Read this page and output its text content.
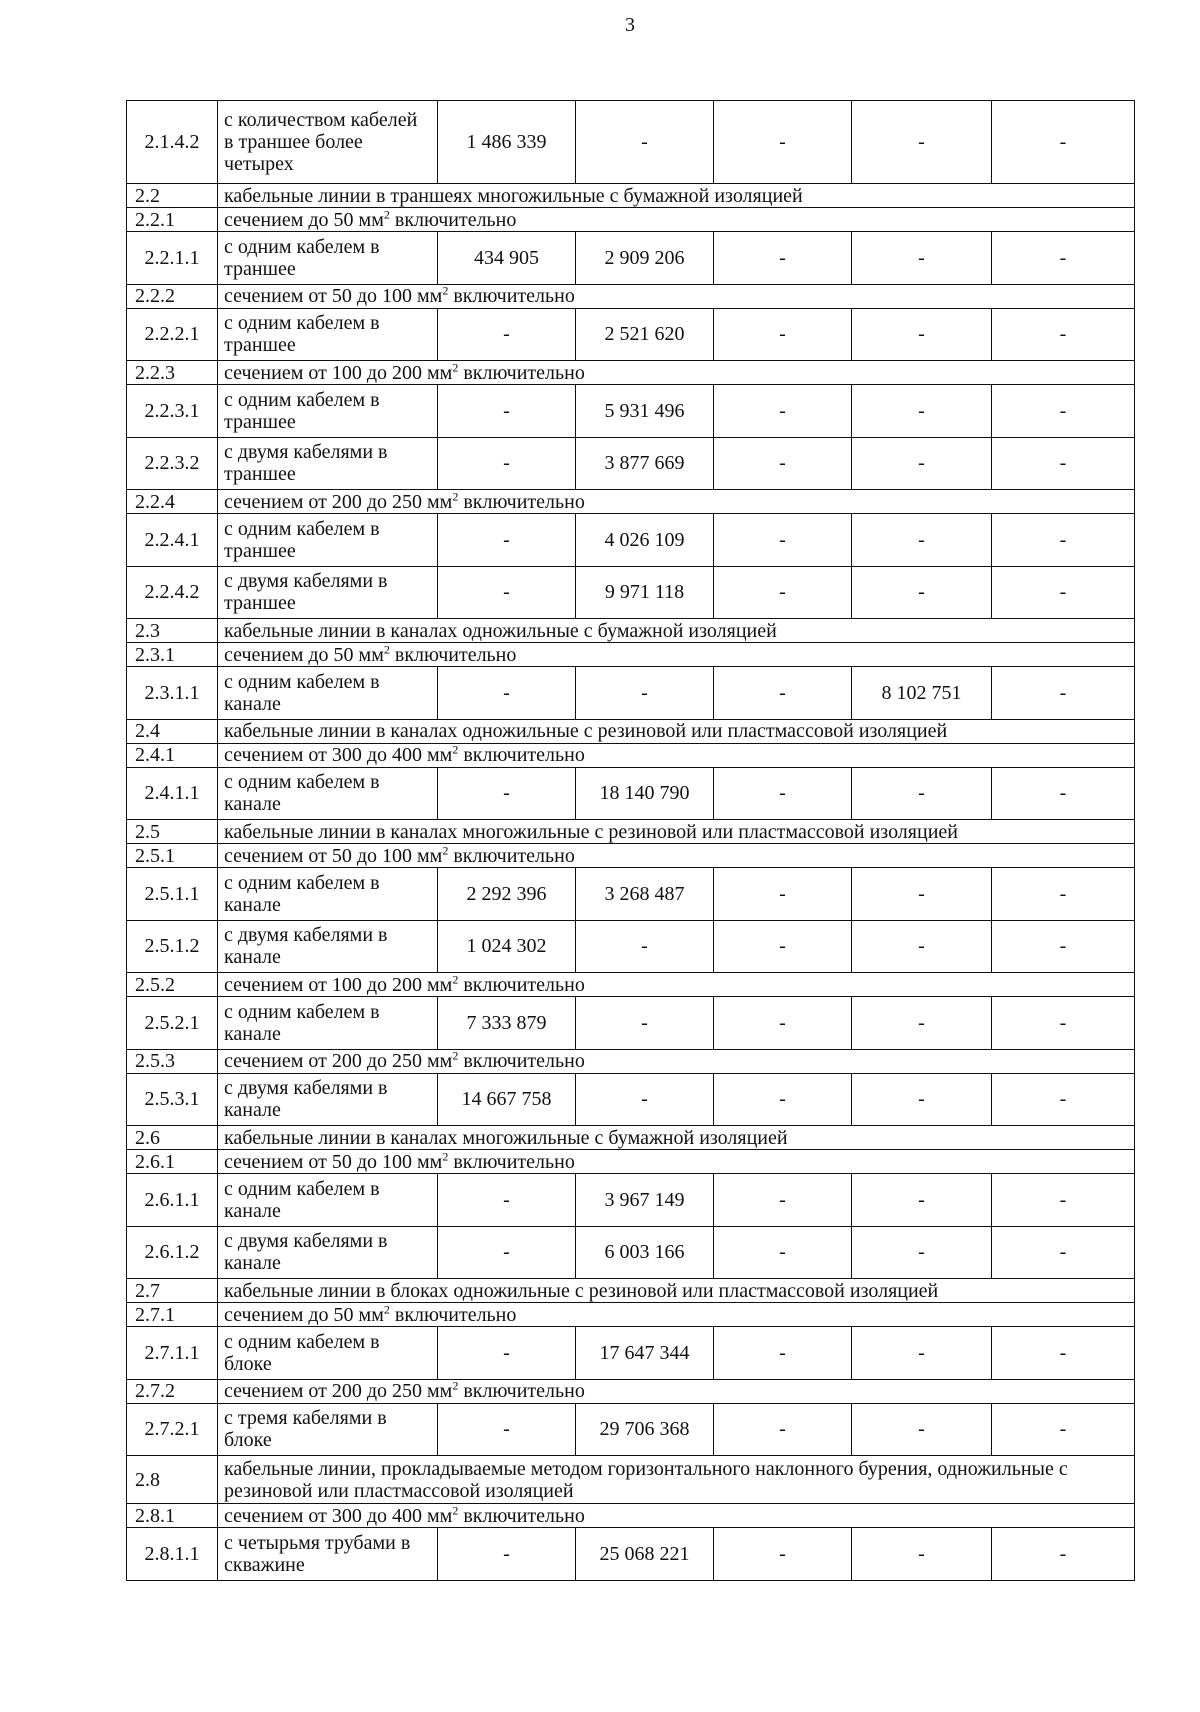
3
2.1.4.2	с количеством кабелей в траншее более четырех	1 486 339	-	-	-	-
2.2	кабельные линии в траншеях многожильные с бумажной изоляцией					
2.2.1	сечением до 50 $мм^2$ включительно					
2.2.1.1	с одним кабелем в траншее	434 905	2 909 206	-	-	-
2.2.2	сечением от 50 до 100 $мм^2$ включительно					
2.2.2.1	с одним кабелем в траншее	-	2 521 620	-	-	-
2.2.3	сечением от 100 до 200 $мм^2$ включительно					
2.2.3.1	с одним кабелем в траншее	-	5 931 496	-	-	-
2.2.3.2	с двумя кабелями в траншее	-	3 877 669	-	-	-
2.2.4	сечением от 200 до 250 $мм^2$ включительно					
2.2.4.1	с одним кабелем в траншее	-	4 026 109	-	-	-
2.2.4.2	с двумя кабелями в траншее	-	9 971 118	-	-	-
2.3	кабельные линии в каналах одножильные с бумажной изоляцией					
2.3.1	сечением до 50 $мм^2$ включительно					
2.3.1.1	с одним кабелем в канале	-	-	-	8 102 751	-
2.4	кабельные линии в каналах одножильные с резиновой или пластмассовой изоляцией					
2.4.1	сечением от 300 до 400 $мм^2$ включительно					
2.4.1.1	с одним кабелем в канале	-	18 140 790	-	-	-
2.5	кабельные линии в каналах многожильные с резиновой или пластмассовой изоляцией					
2.5.1	сечением от 50 до 100 $мм^2$ включительно					
2.5.1.1	с одним кабелем в канале	2 292 396	3 268 487	-	-	-
2.5.1.2	с двумя кабелями в канале	1 024 302	-	-	-	-
2.5.2	сечением от 100 до 200 $мм^2$ включительно					
2.5.2.1	с одним кабелем в канале	7 333 879	-	-	-	-
2.5.3	сечением от 200 до 250 $мм^2$ включительно					
2.5.3.1	с двумя кабелями в канале	14 667 758	-	-	-	-
2.6	кабельные линии в каналах многожильные с бумажной изоляцией					
2.6.1	сечением от 50 до 100 $мм^2$ включительно					
2.6.1.1	с одним кабелем в канале	-	3 967 149	-	-	-
2.6.1.2	с двумя кабелями в канале	-	6 003 166	-	-	-
2.7	кабельные линии в блоках одножильные с резиновой или пластмассовой изоляцией					
2.7.1	сечением до 50 $мм^2$ включительно					
2.7.1.1	с одним кабелем в блоке	-	17 647 344	-	-	-
2.7.2	сечением от 200 до 250 $мм^2$ включительно					
2.7.2.1	с тремя кабелями в блоке	-	29 706 368	-	-	-
2.8	кабельные линии, прокладываемые методом горизонтального наклонного бурения, одножильные с резиновой или пластмассовой изоляцией					
2.8.1	сечением от 300 до 400 $мм^2$ включительно					
2.8.1.1	с четырьмя трубами в скважине	-	25 068 221	-	-	-
